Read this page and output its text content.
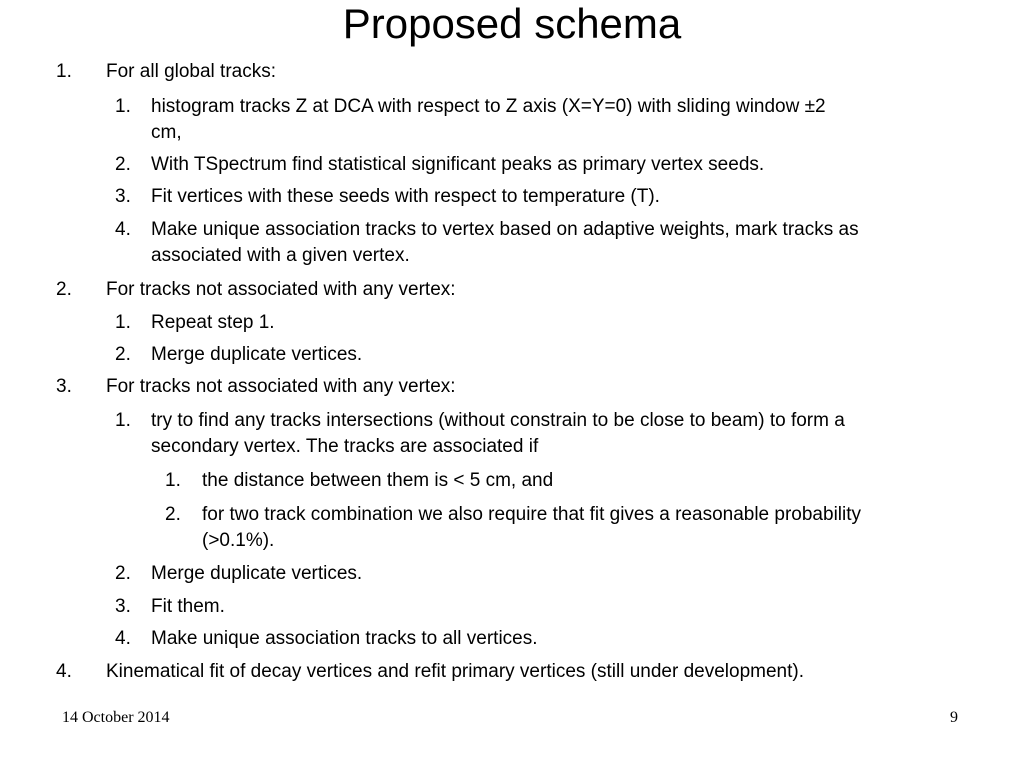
Proposed schema
1. For all global tracks:
1. histogram tracks Z at DCA with respect to Z axis (X=Y=0) with sliding window ±2
cm,
2. With TSpectrum find statistical significant peaks as primary vertex seeds.
3. Fit vertices with these seeds with respect to temperature (T).
4. Make unique association tracks to vertex based on adaptive weights, mark tracks as
associated with a given vertex.
2. For tracks not associated with any vertex:
1. Repeat step 1.
2. Merge duplicate vertices.
3. For tracks not associated with any vertex:
1. try to find any tracks intersections (without constrain to be close to beam) to form a
secondary vertex. The tracks are associated if
1. the distance between them is < 5 cm, and
2. for two track combination we also require that fit gives a reasonable probability
(>0.1%).
2. Merge duplicate vertices.
3. Fit them.
4. Make unique association tracks to all vertices.
4. Kinematical fit of decay vertices and refit primary vertices (still under development).
14 October 2014	9
